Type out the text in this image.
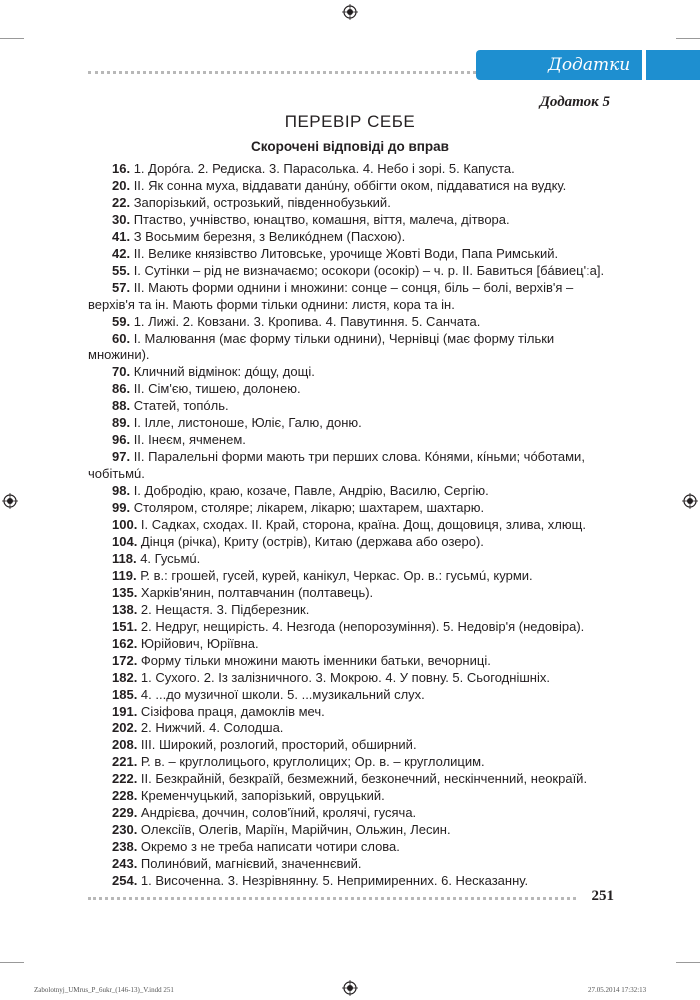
Додатки
Додаток 5
ПЕРЕВІР СЕБЕ
Скорочені відповіді до вправ

16. 1. Дорóга. 2. Редиска. 3. Парасолька. 4. Небо і зорі. 5. Капуста.

20. ІІ. Як сонна муха, віддавати данúну, оббігти оком, піддаватися на вудку.

22. Запорізький, острозький, південнобузький.

30. Птаство, учнівство, юнацтво, комашня, віття, малеча, дітвора.

41. З Восьмим березня, з Великóднем (Пасхою).

42. ІІ. Велике князівство Литовське, урочище Жовті Води, Папа Римський.

55. І. Сутінки – рід не визначаємо; осокори (осокір) – ч. р. ІІ. Бавиться [бáвиец'ːа].

57. ІІ. Мають форми однини і множини: сонце – сонця, біль – болі, верхів'я – верхів'я та ін. Мають форми тільки однини: листя, кора та ін.

59. 1. Лижі. 2. Ковзани. 3. Кропива. 4. Павутиння. 5. Санчата.

60. І. Малювання (має форму тільки однини), Чернівці (має форму тільки множини).

70. Кличний відмінок: дóщу, дощі.

86. ІІ. Сім'єю, тишею, долонею.

88. Статей, топóль.

89. І. Ілле, листоноше, Юліє, Галю, доню.

96. ІІ. Інеєм, ячменем.

97. ІІ. Паралельні форми мають три перших слова. Кóнями, кíньми; чóботами, чобітьмú.

98. І. Добродію, краю, козаче, Павле, Андрію, Василю, Сергію.

99. Столяром, столяре; лікарем, лікарю; шахтарем, шахтарю.

100. І. Садках, сходах. ІІ. Край, сторона, країна. Дощ, дощовиця, злива, хлющ.

104. Дінця (річка), Криту (острів), Китаю (держава або озеро).

118. 4. Гусьмú.

119. Р. в.: грошей, гусей, курей, канікул, Черкас. Ор. в.: гусьмú, курми.

135. Харків'янин, полтавчанин (полтавець).

138. 2. Нещастя. 3. Підберезник.

151. 2. Недруг, нещирість. 4. Незгода (непорозуміння). 5. Недовір'я (недовіра).

162. Юрійович, Юріївна.

172. Форму тільки множини мають іменники батьки, вечорниці.

182. 1. Сухого. 2. Із залізничного. 3. Мокрою. 4. У повну. 5. Сьогоднішніх.

185. 4. ...до музичної школи. 5. ...музикальний слух.

191. Сізіфова праця, дамоклів меч.

202. 2. Нижчий. 4. Солодша.

208. ІІІ. Широкий, розлогий, просторий, обширний.

221. Р. в. – круглолицього, круглолицих; Ор. в. – круглолицим.

222. ІІ. Безкрайній, безкраїй, безмежний, безконечний, нескінченний, неокраїй.

228. Кременчуцький, запорізький, овруцький.

229. Андрієва, доччин, солов'їний, кролячі, гусяча.

230. Олексіїв, Олегів, Маріїн, Марійчин, Ольжин, Лесин.

238. Окремо з не треба написати чотири слова.

243. Полинóвий, магнієвий, значеннєвий.

254. 1. Височенна. 3. Незрівнянну. 5. Непримиренних. 6. Несказанну.

251
Zabolotnyj_UMrus_P_6ukr_(146-13)_V.indd 251	27.05.2014 17:32:13
